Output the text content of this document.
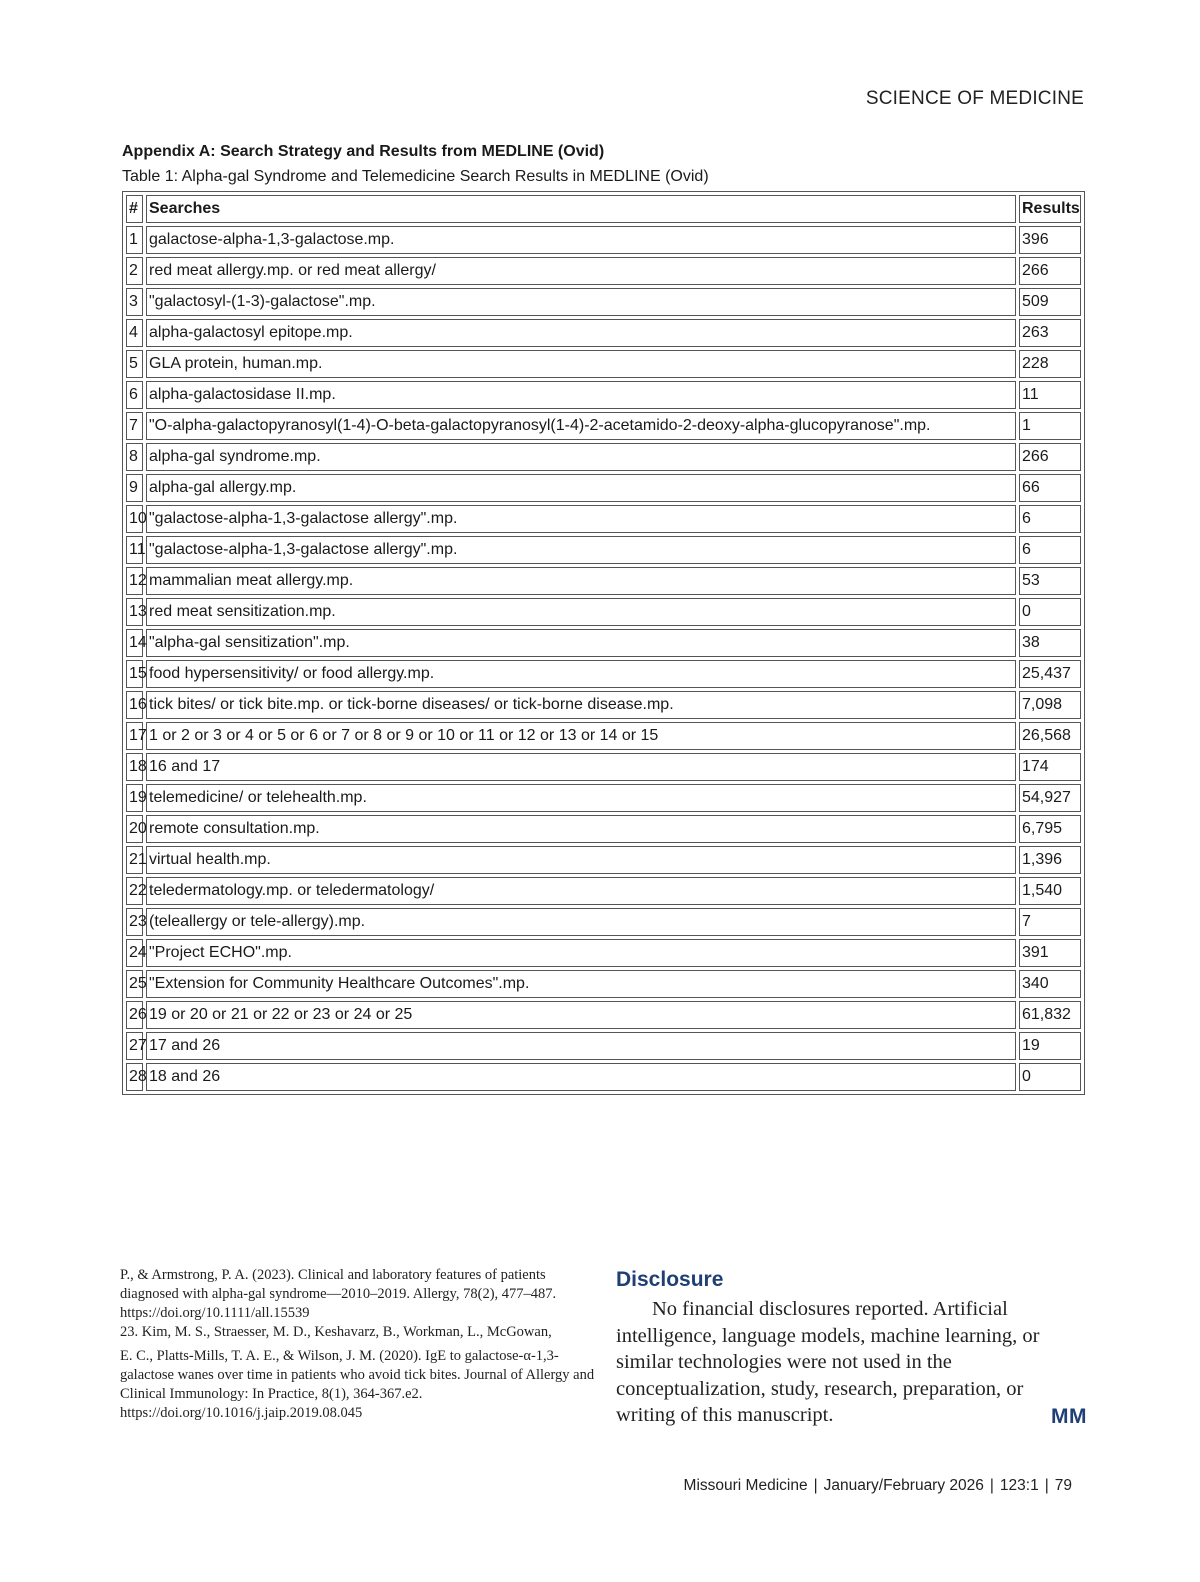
SCIENCE OF MEDICINE
Appendix A: Search Strategy and Results from MEDLINE (Ovid)
Table 1: Alpha-gal Syndrome and Telemedicine Search Results in MEDLINE (Ovid)
#	Searches	Results
1	galactose-alpha-1,3-galactose.mp.	396
2	red meat allergy.mp. or red meat allergy/	266
3	"galactosyl-(1-3)-galactose".mp.	509
4	alpha-galactosyl epitope.mp.	263
5	GLA protein, human.mp.	228
6	alpha-galactosidase II.mp.	11
7	"O-alpha-galactopyranosyl(1-4)-O-beta-galactopyranosyl(1-4)-2-acetamido-2-deoxy-alpha-glucopyranose".mp.	1
8	alpha-gal syndrome.mp.	266
9	alpha-gal allergy.mp.	66
10	"galactose-alpha-1,3-galactose allergy".mp.	6
11	"galactose-alpha-1,3-galactose allergy".mp.	6
12	mammalian meat allergy.mp.	53
13	red meat sensitization.mp.	0
14	"alpha-gal sensitization".mp.	38
15	food hypersensitivity/ or food allergy.mp.	25,437
16	tick bites/ or tick bite.mp. or tick-borne diseases/ or tick-borne disease.mp.	7,098
17	1 or 2 or 3 or 4 or 5 or 6 or 7 or 8 or 9 or 10 or 11 or 12 or 13 or 14 or 15	26,568
18	16 and 17	174
19	telemedicine/ or telehealth.mp.	54,927
20	remote consultation.mp.	6,795
21	virtual health.mp.	1,396
22	teledermatology.mp. or teledermatology/	1,540
23	(teleallergy or tele-allergy).mp.	7
24	"Project ECHO".mp.	391
25	"Extension for Community Healthcare Outcomes".mp.	340
26	19 or 20 or 21 or 22 or 23 or 24 or 25	61,832
27	17 and 26	19
28	18 and 26	0

P., & Armstrong, P. A. (2023). Clinical and laboratory features of patients diagnosed with alpha-gal syndrome—2010–2019. Allergy, 78(2), 477–487. https://doi.org/10.1111/all.15539

23. Kim, M. S., Straesser, M. D., Keshavarz, B., Workman, L., McGowan,

E. C., Platts-Mills, T. A. E., & Wilson, J. M. (2020). IgE to galactose-α-1,3-galactose wanes over time in patients who avoid tick bites. Journal of Allergy and Clinical Immunology: In Practice, 8(1), 364-367.e2. https://doi.org/10.1016/j.jaip.2019.08.045

Disclosure
No financial disclosures reported. Artificial intelligence, language models, machine learning, or similar technologies were not used in the conceptualization, study, research, preparation, or writing of this manuscript.	MM
Missouri Medicine | January/February 2026 | 123:1 | 79
